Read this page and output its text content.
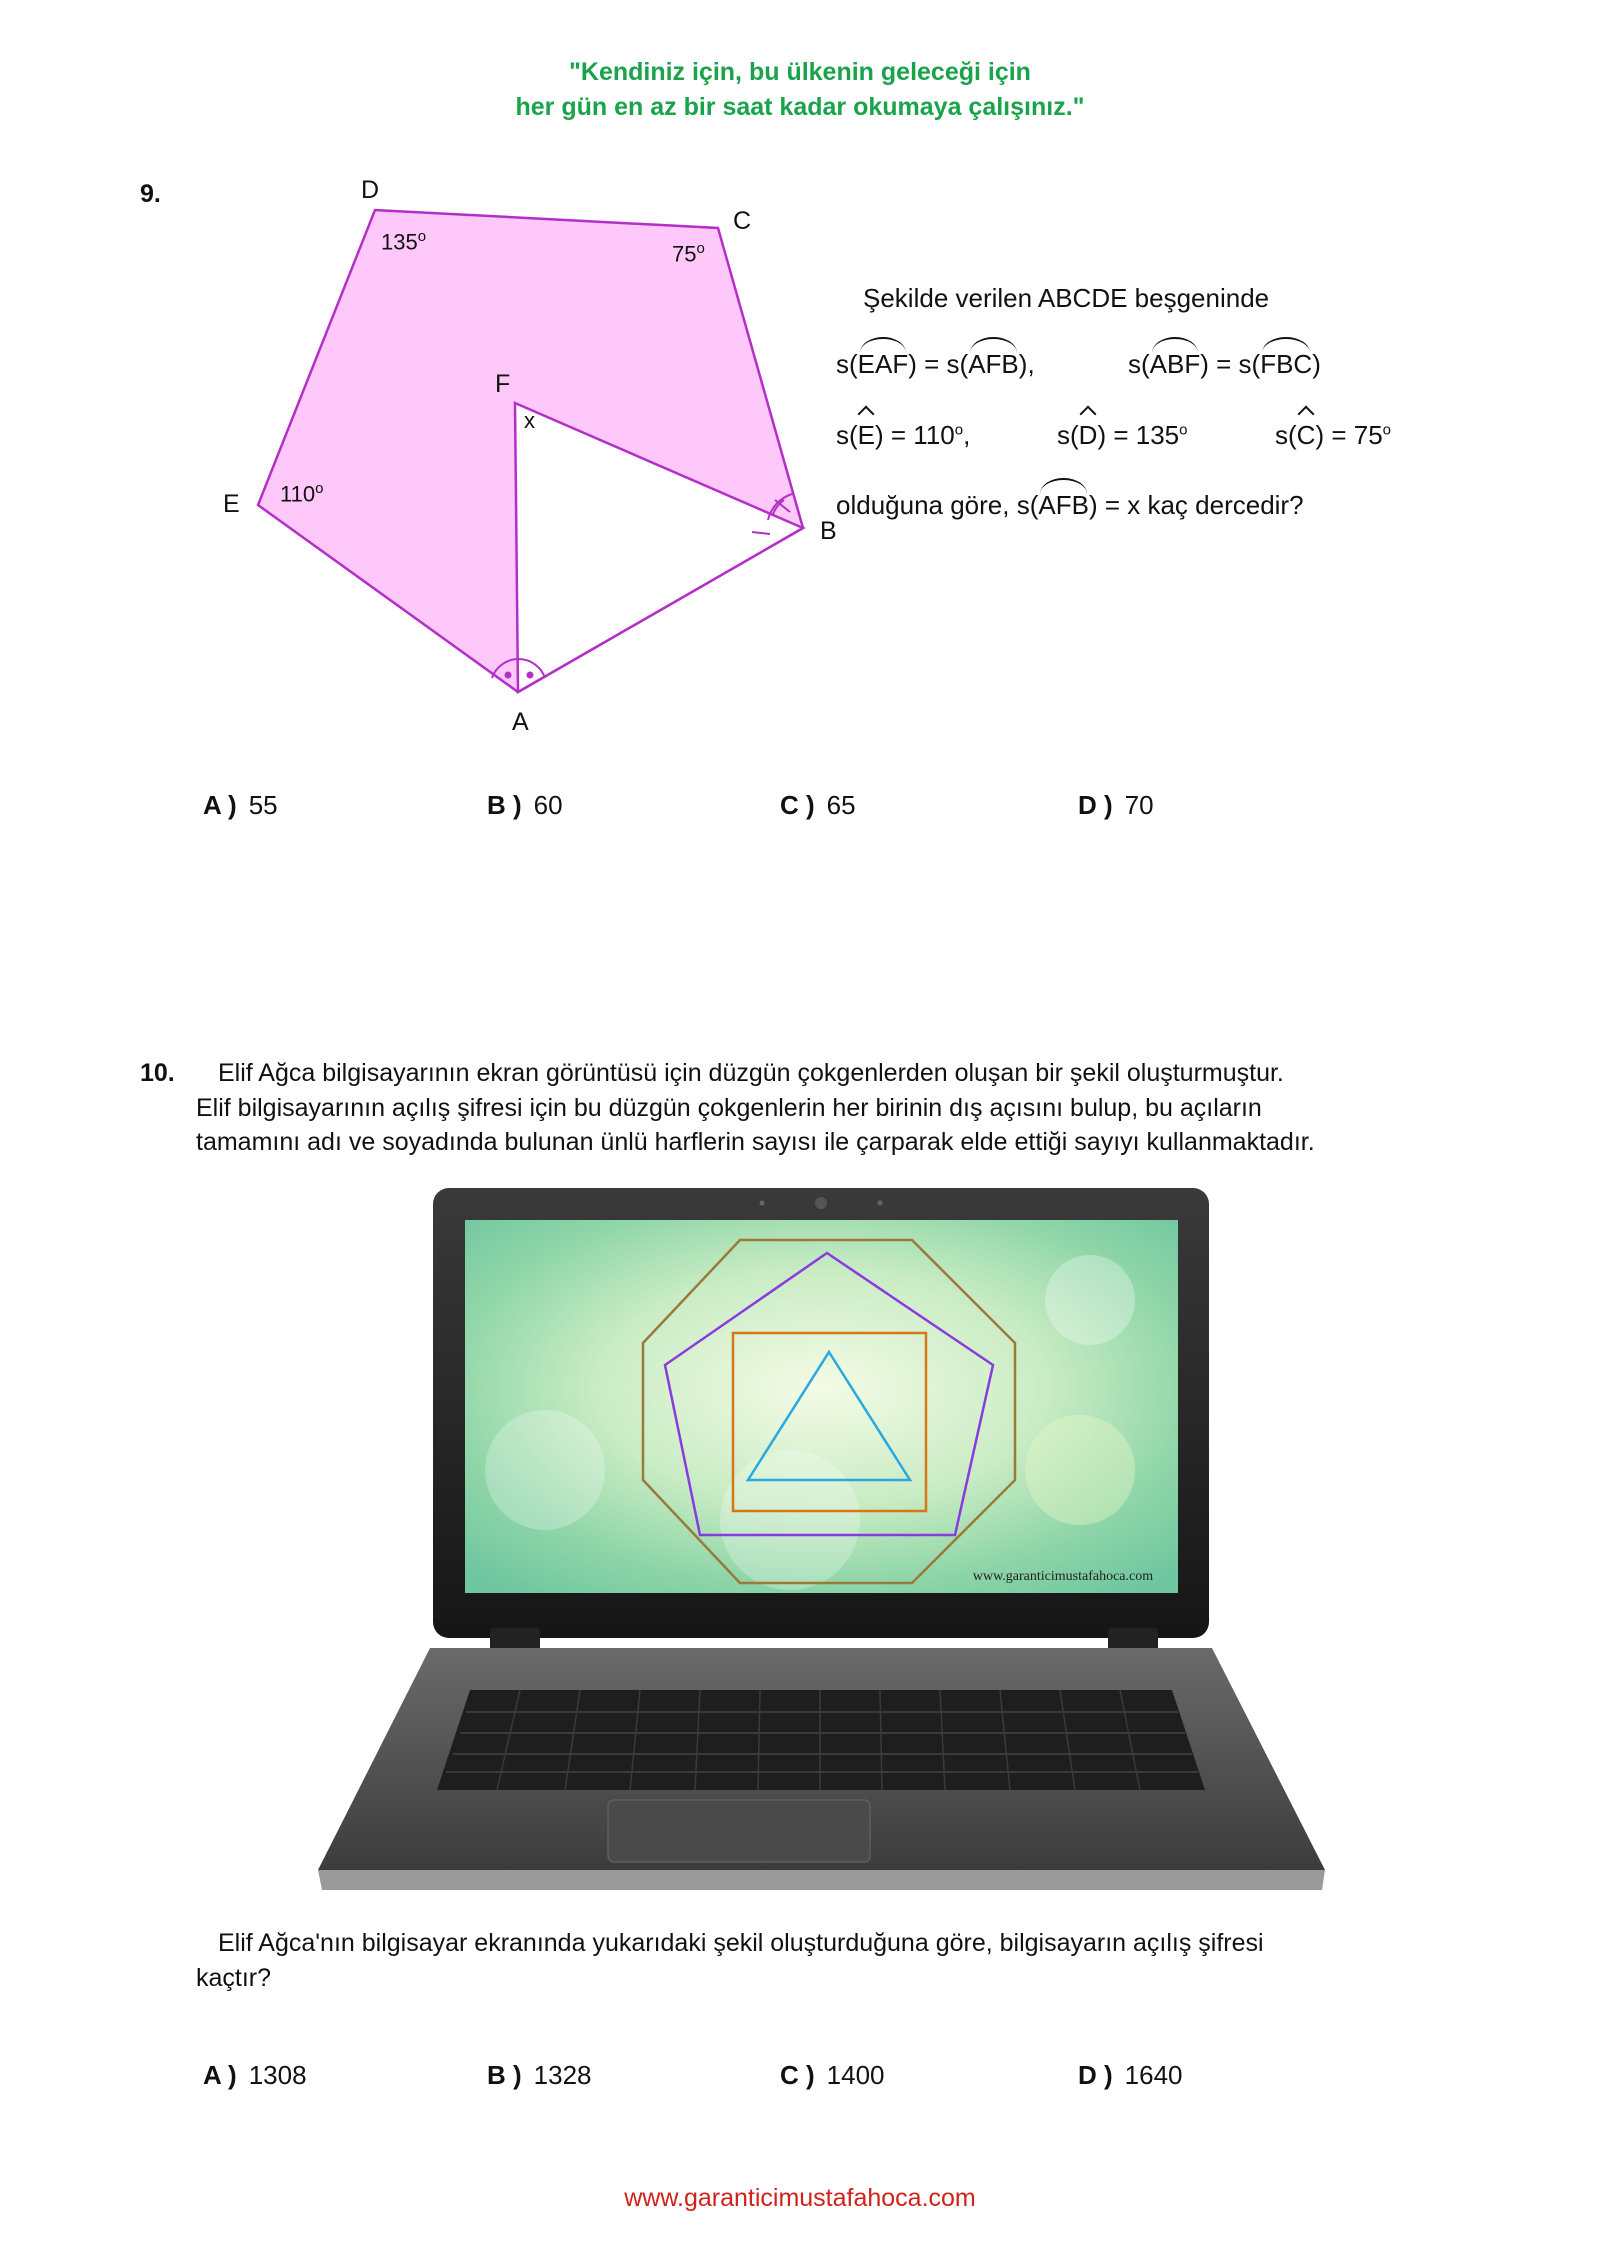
"Kendiniz için, bu ülkenin geleceği için
her gün en az bir saat kadar okumaya çalışınız."
9.	D
C
E
B
A
F
x
135$^o$
75$^o$
110$^o$
Şekilde verilen ABCDE beşgeninde
s(EAF) = s(AFB),	s(ABF) = s(FBC)
$s(E) = 110^o$,	$s(D) = 135^o$	$s(C) = 75^o$
olduğuna göre, s(AFB) = x kaç dercedir?
A ) 55	B ) 60	C ) 65	D ) 70
10. Elif Ağca bilgisayarının ekran görüntüsü için düzgün çokgenlerden oluşan bir şekil oluşturmuştur.
Elif bilgisayarının açılış şifresi için bu düzgün çokgenlerin her birinin dış açısını bulup, bu açıların
tamamını adı ve soyadında bulunan ünlü harflerin sayısı ile çarparak elde ettiği sayıyı kullanmaktadır.
www.garanticimustafahoca.com
Elif Ağca'nın bilgisayar ekranında yukarıdaki şekil oluşturduğuna göre, bilgisayarın açılış şifresi
kaçtır?
A ) 1308	B ) 1328	C ) 1400	D ) 1640
www.garanticimustafahoca.com
